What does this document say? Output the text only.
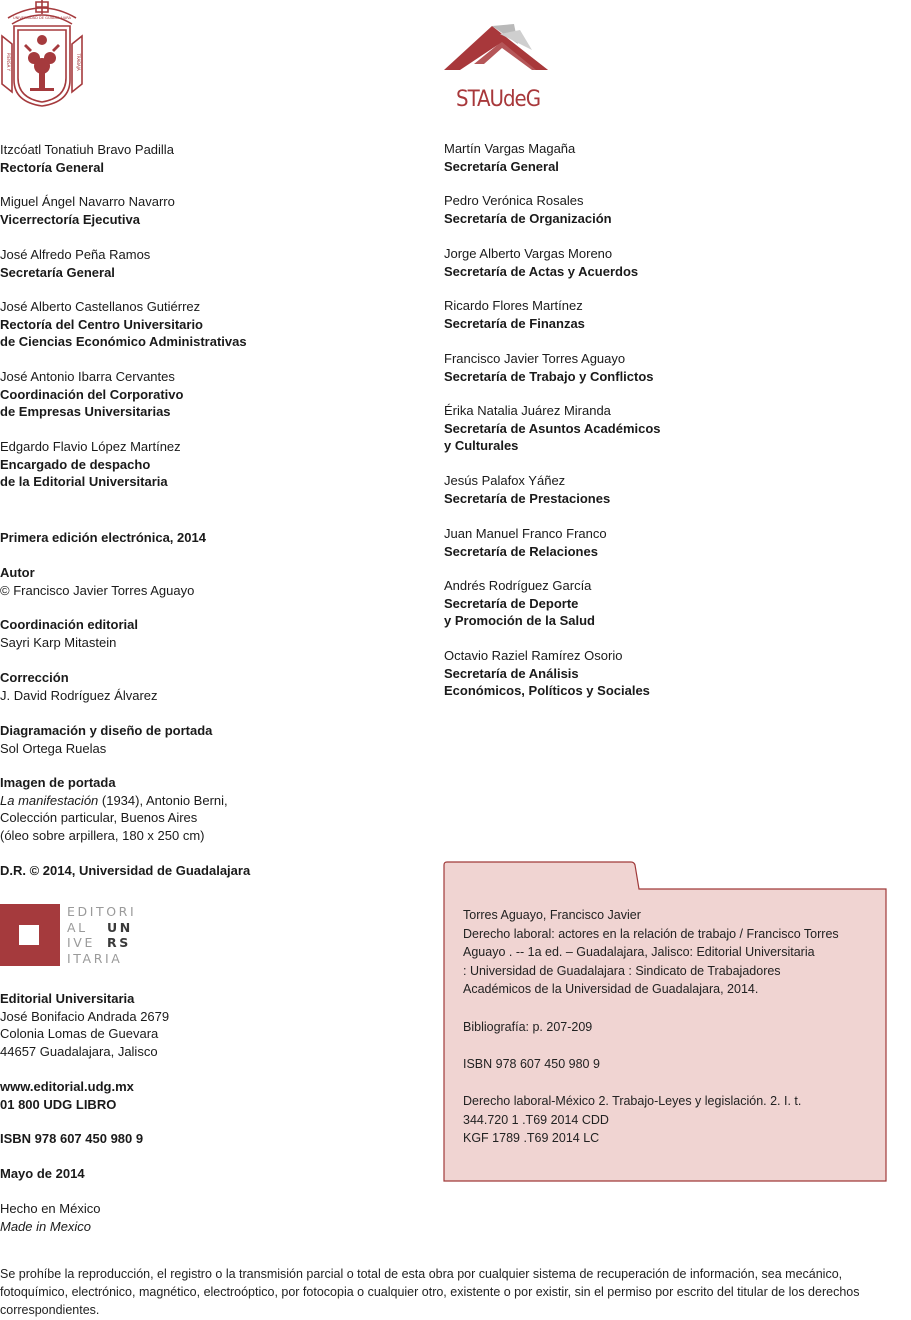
UNIVERSIDAD DE GUADALAJARA
PIENSA Y	TRABAJA
STAUdeG
Itzcóatl Tonatiuh Bravo Padilla
Rectoría General
Miguel Ángel Navarro Navarro
Vicerrectoría Ejecutiva
José Alfredo Peña Ramos
Secretaría General
José Alberto Castellanos Gutiérrez
Rectoría del Centro Universitario
de Ciencias Económico Administrativas
José Antonio Ibarra Cervantes
Coordinación del Corporativo
de Empresas Universitarias
Edgardo Flavio López Martínez
Encargado de despacho
de la Editorial Universitaria
Martín Vargas Magaña
Secretaría General
Pedro Verónica Rosales
Secretaría de Organización
Jorge Alberto Vargas Moreno
Secretaría de Actas y Acuerdos
Ricardo Flores Martínez
Secretaría de Finanzas
Francisco Javier Torres Aguayo
Secretaría de Trabajo y Conflictos
Érika Natalia Juárez Miranda
Secretaría de Asuntos Académicos
y Culturales
Jesús Palafox Yáñez
Secretaría de Prestaciones
Juan Manuel Franco Franco
Secretaría de Relaciones
Andrés Rodríguez García
Secretaría de Deporte
y Promoción de la Salud
Octavio Raziel Ramírez Osorio
Secretaría de Análisis
Económicos, Políticos y Sociales
Primera edición electrónica, 2014
Autor
© Francisco Javier Torres Aguayo
Coordinación editorial
Sayri Karp Mitastein
Corrección
J. David Rodríguez Álvarez
Diagramación y diseño de portada
Sol Ortega Ruelas
Imagen de portada
La manifestación (1934), Antonio Berni,
Colección particular, Buenos Aires
(óleo sobre arpillera, 180 x 250 cm)
D.R. © 2014, Universidad de Guadalajara
EDITORI
AL UN
IVE RS
ITARIA
Editorial Universitaria
José Bonifacio Andrada 2679
Colonia Lomas de Guevara
44657 Guadalajara, Jalisco
www.editorial.udg.mx
01 800 UDG LIBRO
ISBN 978 607 450 980 9
Mayo de 2014
Hecho en México
Made in Mexico
Torres Aguayo, Francisco Javier
Derecho laboral: actores en la relación de trabajo / Francisco Torres
Aguayo . -- 1a ed. – Guadalajara, Jalisco: Editorial Universitaria
: Universidad de Guadalajara : Sindicato de Trabajadores
Académicos de la Universidad de Guadalajara, 2014.
Bibliografía: p. 207-209
ISBN 978 607 450 980 9
Derecho laboral-México 2. Trabajo-Leyes y legislación. 2. I. t.
344.720 1 .T69 2014 CDD
KGF 1789 .T69 2014 LC
Se prohíbe la reproducción, el registro o la transmisión parcial o total de esta obra por cualquier sistema de recuperación de información, sea mecánico, fotoquímico, electrónico, magnético, electroóptico, por fotocopia o cualquier otro, existente o por existir, sin el permiso por escrito del titular de los derechos correspondientes.
